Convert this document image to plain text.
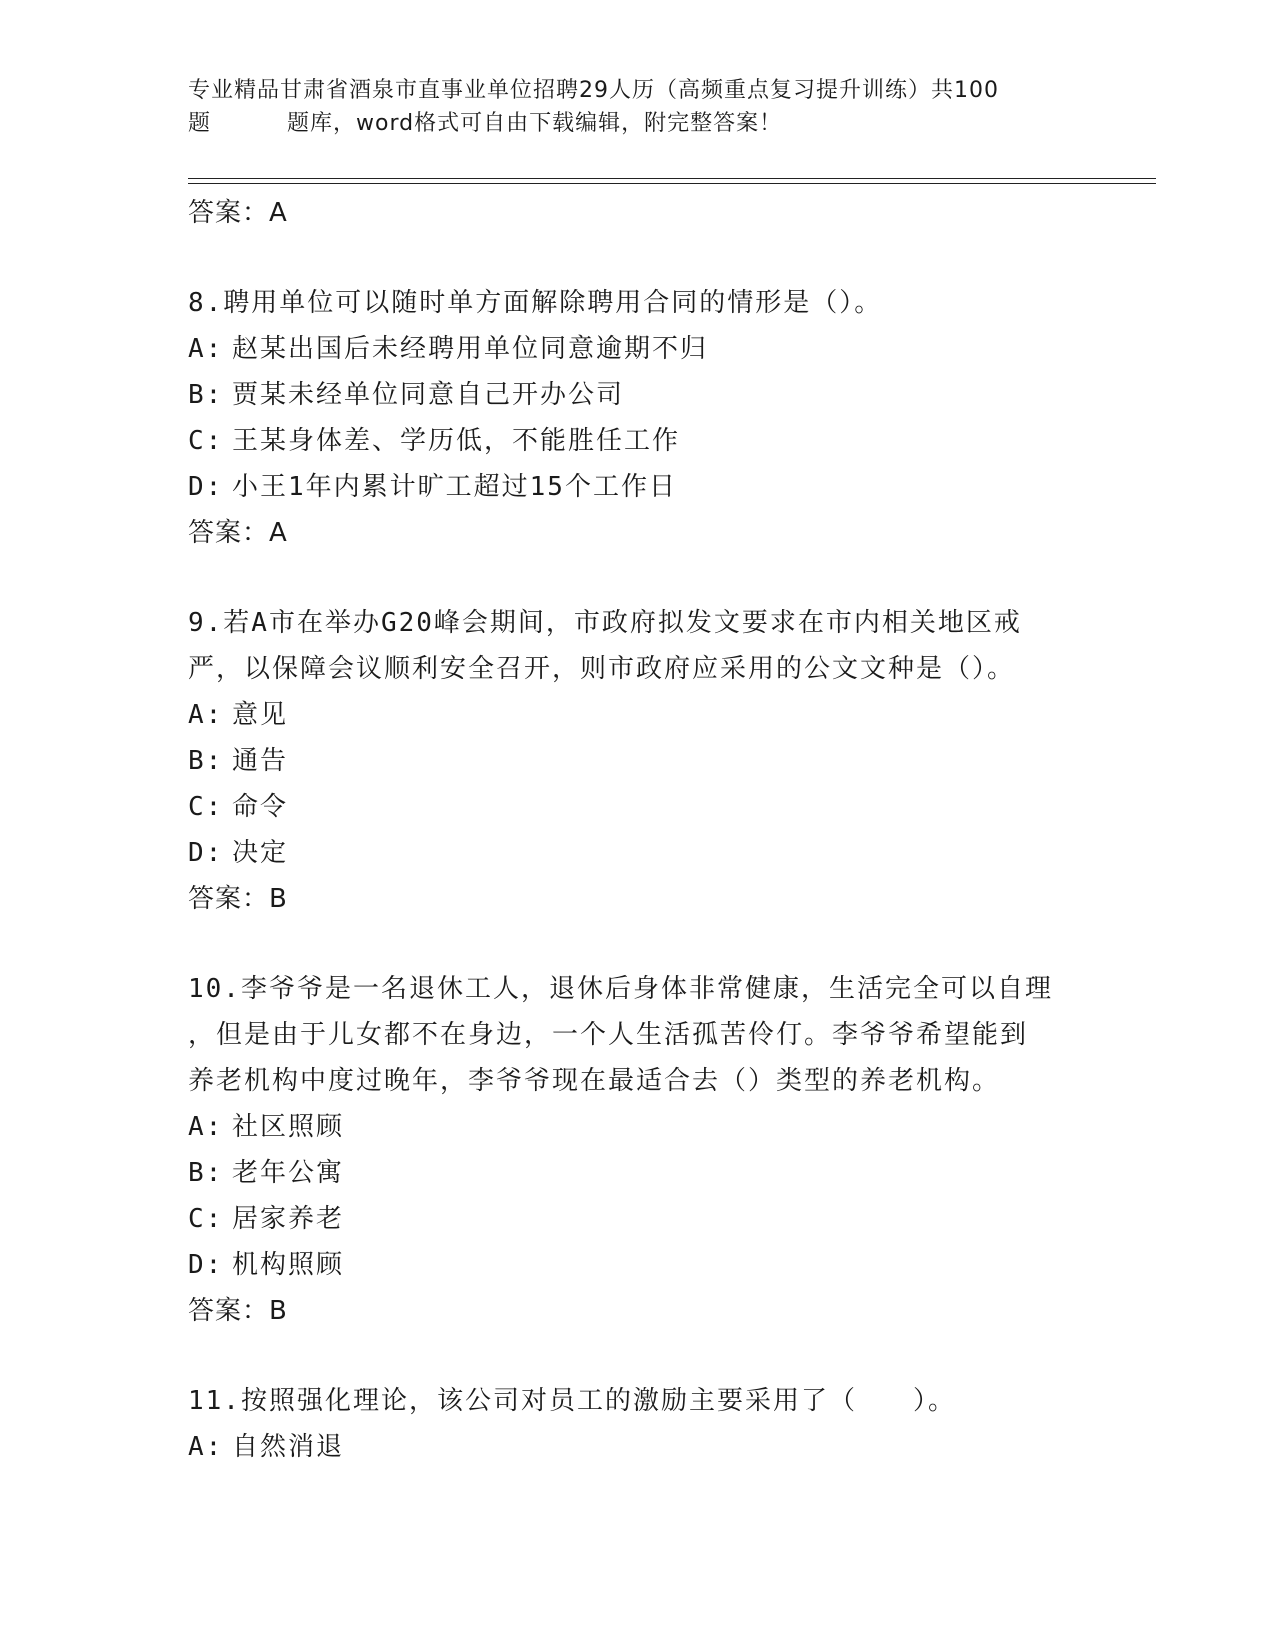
专业精品甘肃省酒泉市直事业单位招聘29人历（高频重点复习提升训练）共100
题	题库，word格式可自由下载编辑，附完整答案！
答案：A
8.聘用单位可以随时单方面解除聘用合同的情形是（）。
A: 赵某出国后未经聘用单位同意逾期不归
B: 贾某未经单位同意自己开办公司
C: 王某身体差、学历低，不能胜任工作
D: 小王1年内累计旷工超过15个工作日
答案：A
9.若A市在举办G20峰会期间，市政府拟发文要求在市内相关地区戒
严，以保障会议顺利安全召开，则市政府应采用的公文文种是（）。
A: 意见
B: 通告
C: 命令
D: 决定
答案：B
10.李爷爷是一名退休工人，退休后身体非常健康，生活完全可以自理
，但是由于儿女都不在身边，一个人生活孤苦伶仃。李爷爷希望能到
养老机构中度过晚年，李爷爷现在最适合去（）类型的养老机构。
A: 社区照顾
B: 老年公寓
C: 居家养老
D: 机构照顾
答案：B
11.按照强化理论，该公司对员工的激励主要采用了（　　）。
A: 自然消退
